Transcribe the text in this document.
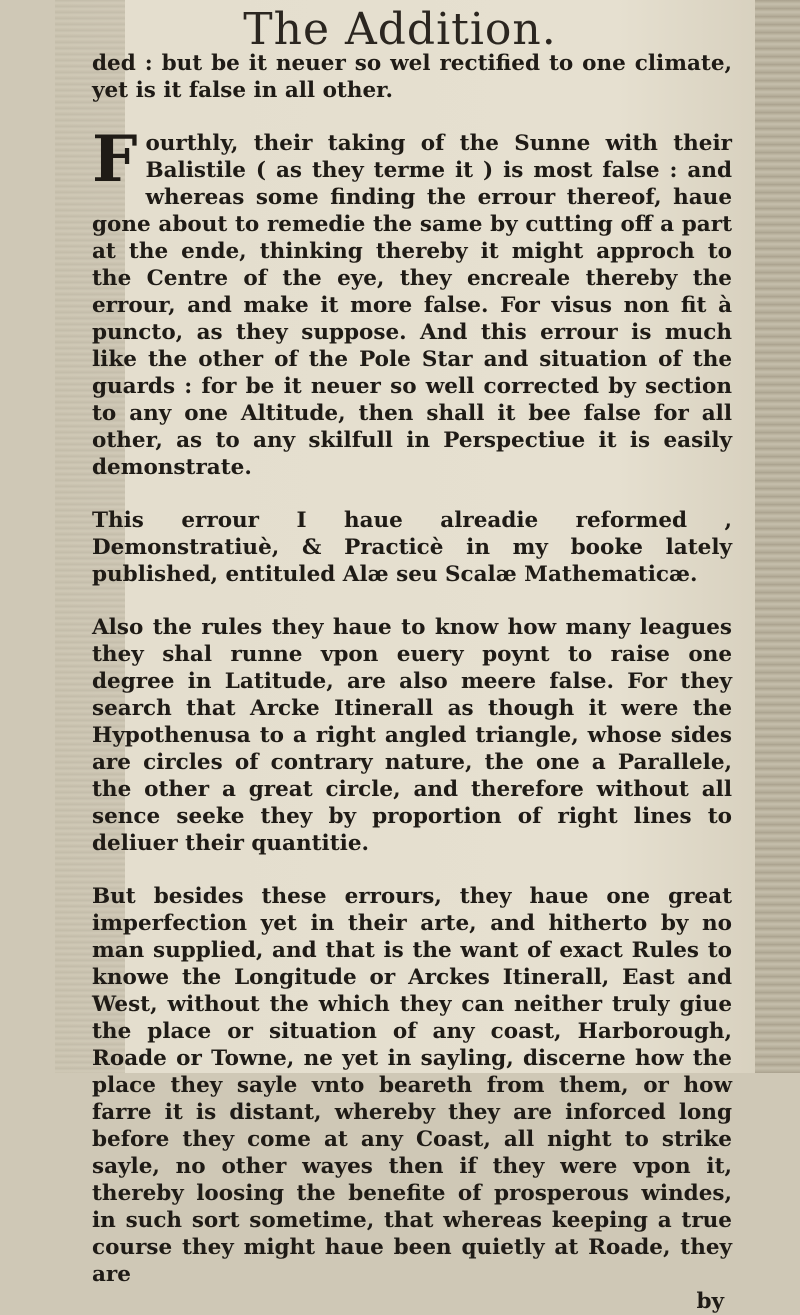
The Addition.

ded : but be it neuer so wel rectified to one climate, yet is it false in all other.

Fourthly, their taking of the Sunne with their Balistile ( as they terme it ) is most false : and whereas some finding the errour thereof, haue gone about to remedie the same by cutting off a part at the ende, thinking thereby it might approch to the Centre of the eye, they encreale thereby the errour, and make it more false. For visus non fit à puncto, as they suppose. And this errour is much like the other of the Pole Star and situation of the guards : for be it neuer so well corrected by section to any one Altitude, then shall it bee false for all other, as to any skilfull in Perspectiue it is easily demonstrate.

This errour I haue alreadie reformed , Demonstratiuè, & Practicè in my booke lately published, entituled Alæ seu Scalæ Mathematicæ.

Also the rules they haue to know how many leagues they shal runne vpon euery poynt to raise one degree in Latitude, are also meere false. For they search that Arcke Itinerall as though it were the Hypothenusa to a right angled triangle, whose sides are circles of contrary nature, the one a Parallele, the other a great circle, and therefore without all sence seeke they by proportion of right lines to deliuer their quantitie.

But besides these errours, they haue one great imperfection yet in their arte, and hitherto by no man supplied, and that is the want of exact Rules to knowe the Longitude or Arckes Itinerall, East and West, without the which they can neither truly giue the place or situation of any coast, Harborough, Roade or Towne, ne yet in sayling, discerne how the place they sayle vnto beareth from them, or how farre it is distant, whereby they are inforced long before they come at any Coast, all night to strike sayle, no other wayes then if they were vpon it, thereby loosing the benefite of prosperous windes, in such sort sometime, that whereas keeping a true course they might haue been quietly at Roade, they are

by
